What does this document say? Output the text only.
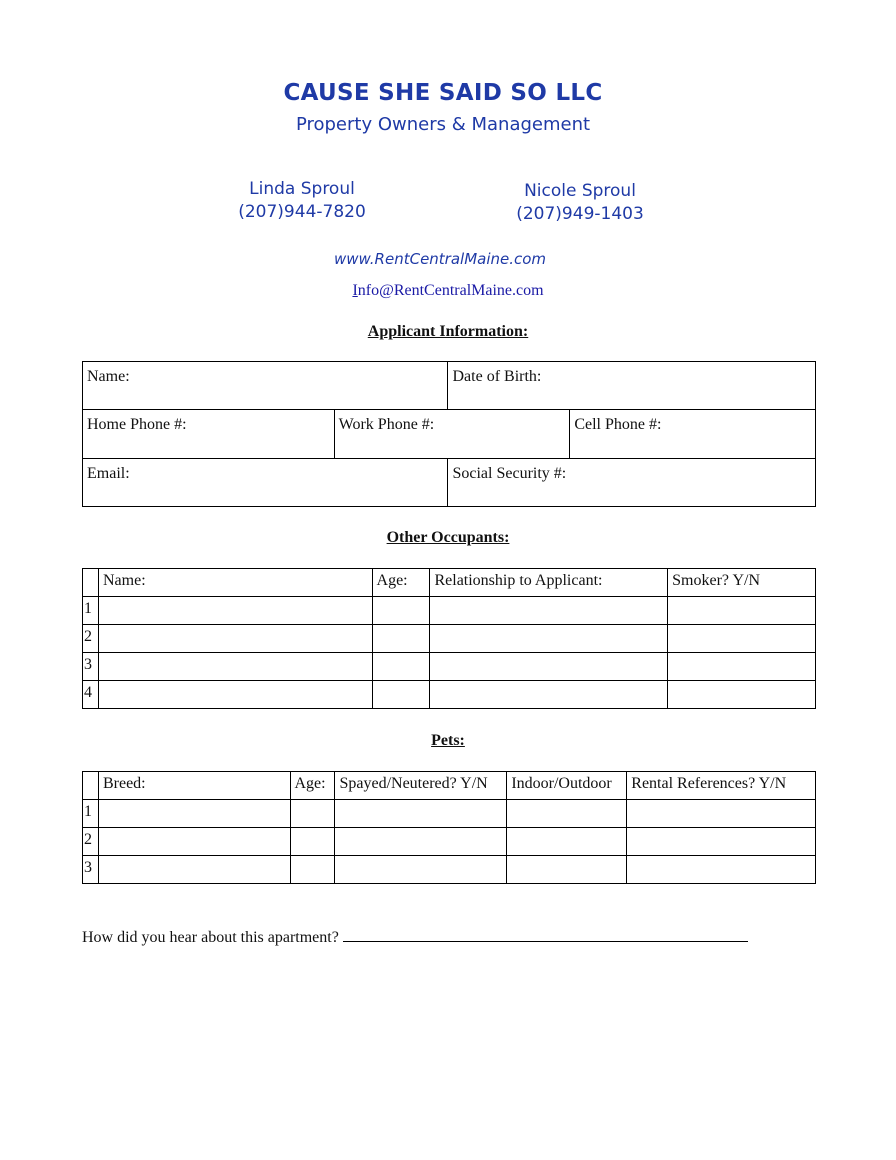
CAUSE SHE SAID SO LLC
Property Owners & Management
Linda Sproul
(207)944-7820
Nicole Sproul
(207)949-1403
www.RentCentralMaine.com
Info@RentCentralMaine.com
Applicant Information:
Name:		Date of Birth:	
Home Phone #:	Work Phone #:		Cell Phone #:
Email:		Social Security #:	
Other Occupants:
	Name:	Age:	Relationship to Applicant:	Smoker? Y/N
1				
2				
3				
4				
Pets:
	Breed:	Age:	Spayed/Neutered? Y/N	Indoor/Outdoor	Rental References? Y/N
1					
2					
3					
How did you hear about this apartment?
